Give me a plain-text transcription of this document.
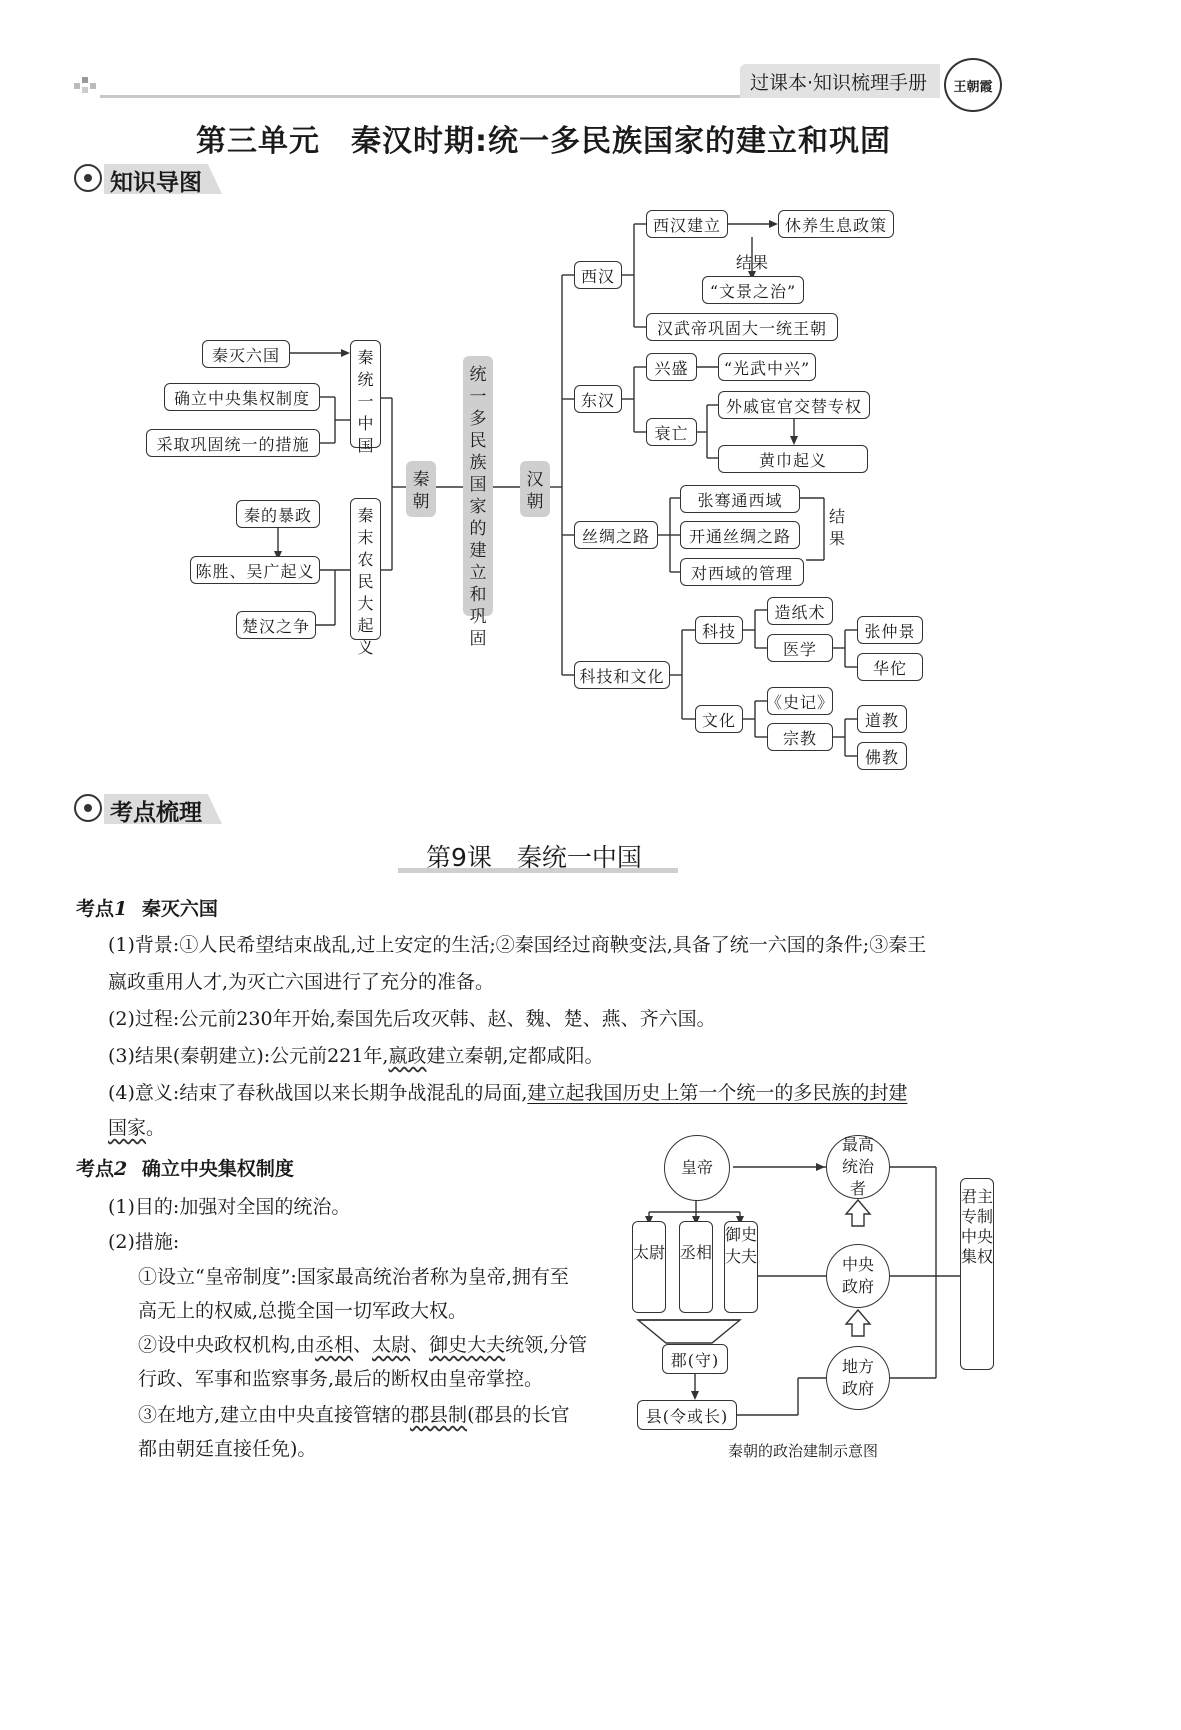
过课本·知识梳理手册 王朝霞
第三单元　秦汉时期:统一多民族国家的建立和巩固
知识导图
秦灭六国
确立中央集权制度
采取巩固统一的措施
秦统一中国
秦的暴政
陈胜、吴广起义
楚汉之争
秦末农民大起义
秦朝
统一多民族国家的建立和巩固
汉朝
西汉
西汉建立	休养生息政策
结果
“文景之治”
汉武帝巩固大一统王朝
东汉
兴盛	“光武中兴”
衰亡
外戚宦官交替专权
黄巾起义
丝绸之路
张骞通西域
开通丝绸之路
对西域的管理
结果
科技和文化
科技
造纸术
医学
张仲景
华佗
文化
《史记》
宗教
道教
佛教
考点梳理
第9课　秦统一中国
考点1 秦灭六国
(1)背景:①人民希望结束战乱,过上安定的生活;②秦国经过商鞅变法,具备了统一六国的条件;③秦王
嬴政重用人才,为灭亡六国进行了充分的准备。
(2)过程:公元前230年开始,秦国先后攻灭韩、赵、魏、楚、燕、齐六国。
(3)结果(秦朝建立):公元前221年,嬴政建立秦朝,定都咸阳。
(4)意义:结束了春秋战国以来长期争战混乱的局面,建立起我国历史上第一个统一的多民族的封建
国家。
考点2 确立中央集权制度
(1)目的:加强对全国的统治。
(2)措施:
①设立“皇帝制度”:国家最高统治者称为皇帝,拥有至
高无上的权威,总揽全国一切军政大权。
②设中央政权机构,由丞相、太尉、御史大夫统领,分管
行政、军事和监察事务,最后的断权由皇帝掌控。
③在地方,建立由中央直接管辖的郡县制(郡县的长官
都由朝廷直接任免)。
皇帝
太尉 丞相
御史大夫
郡(守)
县(令或长)
最高统治者
中央政府
地方政府
君主专制　中央集权
秦朝的政治建制示意图
